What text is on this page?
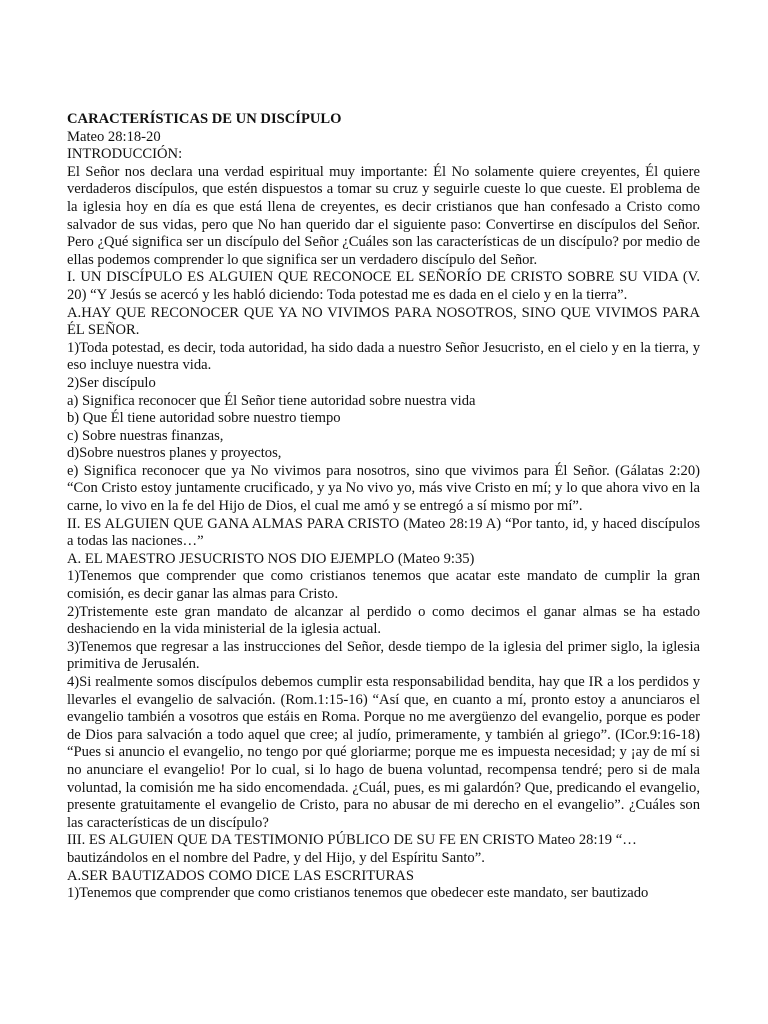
CARACTERÍSTICAS DE UN DISCÍPULO

Mateo 28:18-20

INTRODUCCIÓN:

El Señor nos declara una verdad espiritual muy importante: Él No solamente quiere creyentes, Él quiere verdaderos discípulos, que estén dispuestos a tomar su cruz y seguirle cueste lo que cueste. El problema de la iglesia hoy en día es que está llena de creyentes, es decir cristianos que han confesado a Cristo como salvador de sus vidas, pero que No han querido dar el siguiente paso: Convertirse en discípulos del Señor. Pero ¿Qué significa ser un discípulo del Señor ¿Cuáles son las características de un discípulo? por medio de ellas podemos comprender lo que significa ser un verdadero discípulo del Señor.

I. UN DISCÍPULO ES ALGUIEN QUE RECONOCE EL SEÑORÍO DE CRISTO SOBRE SU VIDA (V. 20) “Y Jesús se acercó y les habló diciendo: Toda potestad me es dada en el cielo y en la tierra”.

A.HAY QUE RECONOCER QUE YA NO VIVIMOS PARA NOSOTROS, SINO QUE VIVIMOS PARA ÉL SEÑOR.

1)Toda potestad, es decir, toda autoridad, ha sido dada a nuestro Señor Jesucristo, en el cielo y en la tierra, y eso incluye nuestra vida.

2)Ser discípulo

a) Significa reconocer que Él Señor tiene autoridad sobre nuestra vida

b) Que Él tiene autoridad sobre nuestro tiempo

c) Sobre nuestras finanzas,

d)Sobre nuestros planes y proyectos,

e) Significa reconocer que ya No vivimos para nosotros, sino que vivimos para Él Señor. (Gálatas 2:20) “Con Cristo estoy juntamente crucificado, y ya No vivo yo, más vive Cristo en mí; y lo que ahora vivo en la carne, lo vivo en la fe del Hijo de Dios, el cual me amó y se entregó a sí mismo por mí”.

II. ES ALGUIEN QUE GANA ALMAS PARA CRISTO (Mateo 28:19 A) “Por tanto, id, y haced discípulos a todas las naciones…”

A. EL MAESTRO JESUCRISTO NOS DIO EJEMPLO (Mateo 9:35)

1)Tenemos que comprender que como cristianos tenemos que acatar este mandato de cumplir la gran comisión, es decir ganar las almas para Cristo.

2)Tristemente este gran mandato de alcanzar al perdido o como decimos el ganar almas se ha estado deshaciendo en la vida ministerial de la iglesia actual.

3)Tenemos que regresar a las instrucciones del Señor, desde tiempo de la iglesia del primer siglo, la iglesia primitiva de Jerusalén.

4)Si realmente somos discípulos debemos cumplir esta responsabilidad bendita, hay que IR a los perdidos y llevarles el evangelio de salvación. (Rom.1:15-16) “Así que, en cuanto a mí, pronto estoy a anunciaros el evangelio también a vosotros que estáis en Roma. Porque no me avergüenzo del evangelio, porque es poder de Dios para salvación a todo aquel que cree; al judío, primeramente, y también al griego”. (ICor.9:16-18) “Pues si anuncio el evangelio, no tengo por qué gloriarme; porque me es impuesta necesidad; y ¡ay de mí si no anunciare el evangelio! Por lo cual, si lo hago de buena voluntad, recompensa tendré; pero si de mala voluntad, la comisión me ha sido encomendada. ¿Cuál, pues, es mi galardón? Que, predicando el evangelio, presente gratuitamente el evangelio de Cristo, para no abusar de mi derecho en el evangelio”. ¿Cuáles son las características de un discípulo?

III. ES ALGUIEN QUE DA TESTIMONIO PÚBLICO DE SU FE EN CRISTO Mateo 28:19 “…bautizándolos en el nombre del Padre, y del Hijo, y del Espíritu Santo”.

A.SER BAUTIZADOS COMO DICE LAS ESCRITURAS

1)Tenemos que comprender que como cristianos tenemos que obedecer este mandato, ser bautizado
